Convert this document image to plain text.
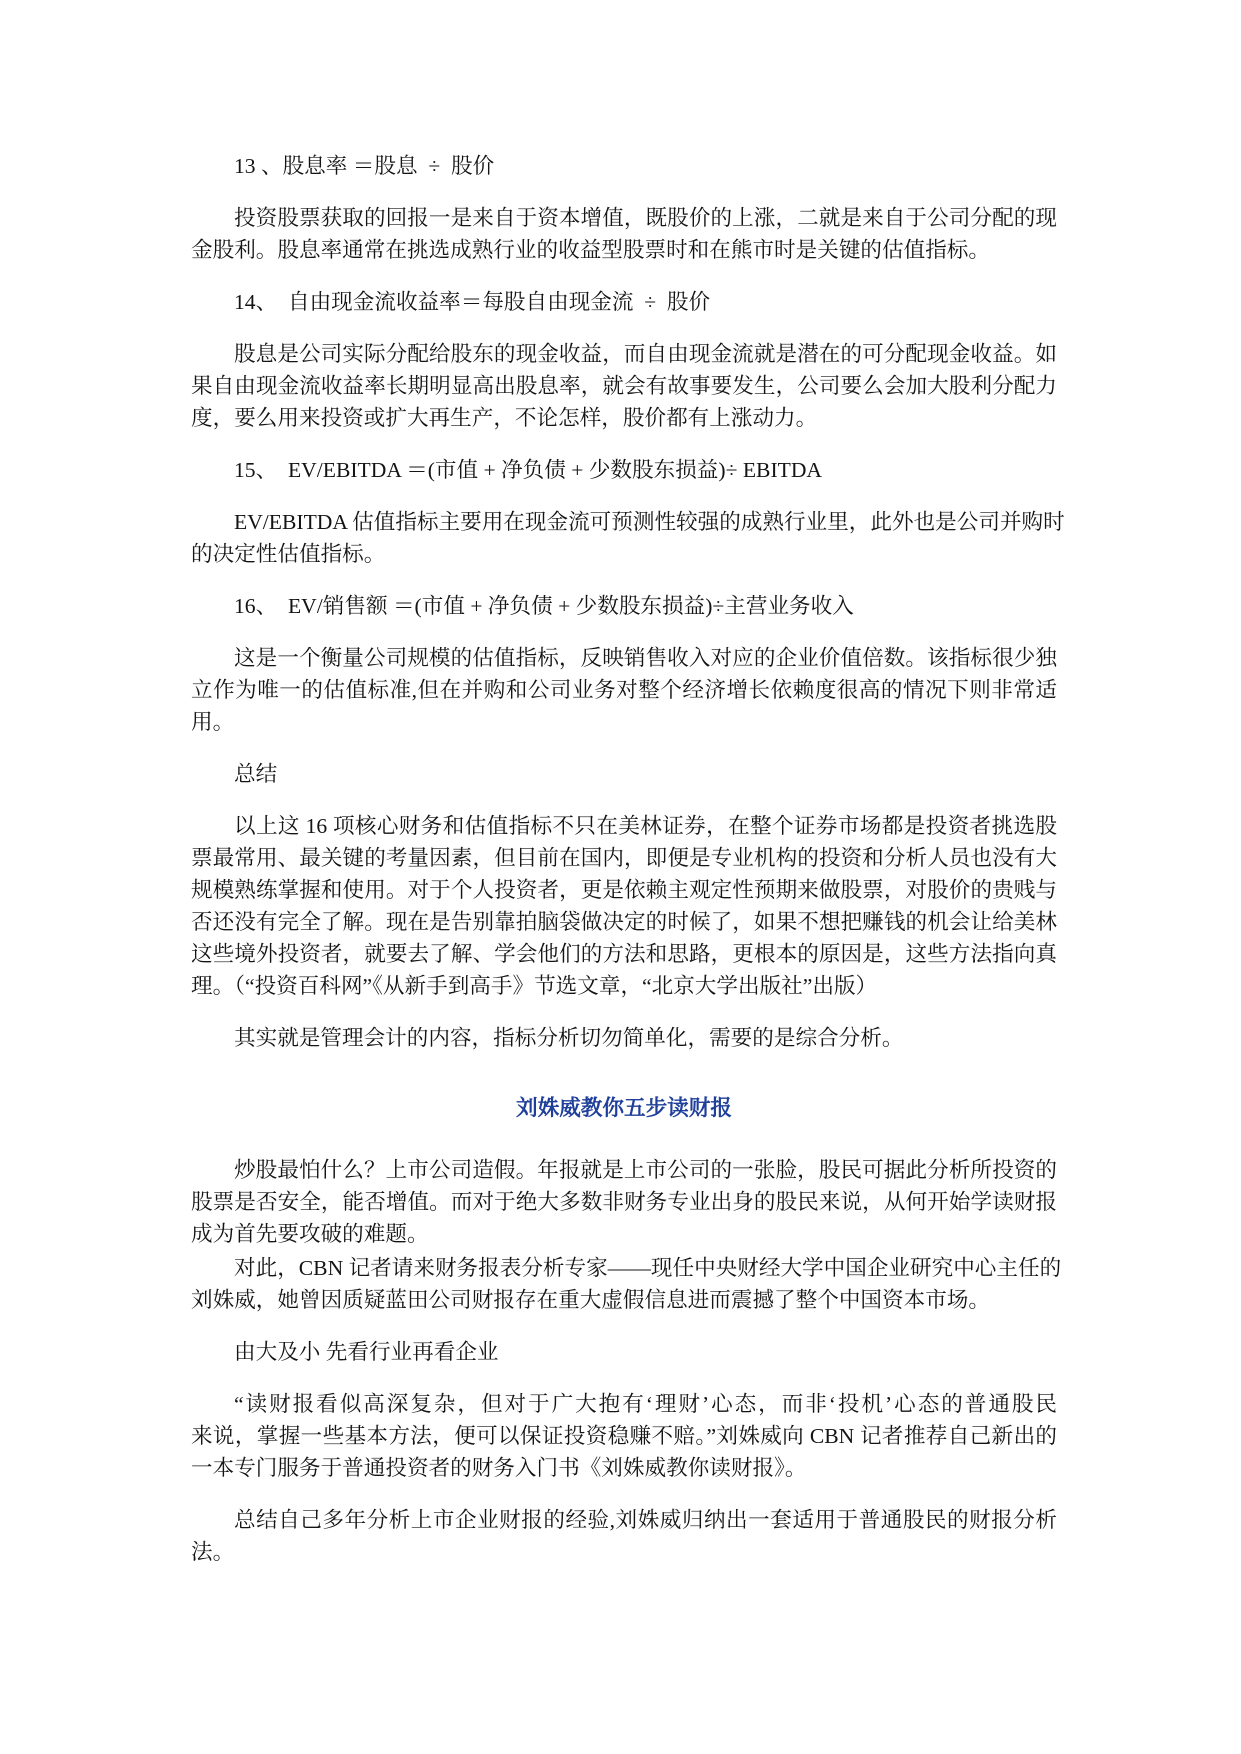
13 、股息率 ＝股息  ÷  股价
投资股票获取的回报一是来自于资本增值，既股价的上涨，二就是来自于公司分配的现
金股利。股息率通常在挑选成熟行业的收益型股票时和在熊市时是关键的估值指标。
14、  自由现金流收益率＝每股自由现金流  ÷  股价
股息是公司实际分配给股东的现金收益，而自由现金流就是潜在的可分配现金收益。如
果自由现金流收益率长期明显高出股息率，就会有故事要发生，公司要么会加大股利分配力
度，要么用来投资或扩大再生产，不论怎样，股价都有上涨动力。
15、  EV/EBITDA ＝(市值 + 净负债 + 少数股东损益)÷ EBITDA
EV/EBITDA 估值指标主要用在现金流可预测性较强的成熟行业里，此外也是公司并购时
的决定性估值指标。
16、  EV/销售额 ＝(市值 + 净负债 + 少数股东损益)÷主营业务收入
这是一个衡量公司规模的估值指标，反映销售收入对应的企业价值倍数。该指标很少独
立作为唯一的估值标准,但在并购和公司业务对整个经济增长依赖度很高的情况下则非常适
用。
总结
以上这 16 项核心财务和估值指标不只在美林证券，在整个证券市场都是投资者挑选股
票最常用、最关键的考量因素，但目前在国内，即便是专业机构的投资和分析人员也没有大
规模熟练掌握和使用。对于个人投资者，更是依赖主观定性预期来做股票，对股价的贵贱与
否还没有完全了解。现在是告别靠拍脑袋做决定的时候了，如果不想把赚钱的机会让给美林
这些境外投资者，就要去了解、学会他们的方法和思路，更根本的原因是，这些方法指向真
理。（“投资百科网”《从新手到高手》节选文章，“北京大学出版社”出版）
其实就是管理会计的内容，指标分析切勿简单化，需要的是综合分析。
刘姝威教你五步读财报
炒股最怕什么？上市公司造假。年报就是上市公司的一张脸，股民可据此分析所投资的
股票是否安全，能否增值。而对于绝大多数非财务专业出身的股民来说，从何开始学读财报
成为首先要攻破的难题。
对此，CBN 记者请来财务报表分析专家——现任中央财经大学中国企业研究中心主任的
刘姝威，她曾因质疑蓝田公司财报存在重大虚假信息进而震撼了整个中国资本市场。
由大及小 先看行业再看企业
“读财报看似高深复杂，但对于广大抱有‘理财’心态，而非‘投机’心态的普通股民
来说，掌握一些基本方法，便可以保证投资稳赚不赔。”刘姝威向 CBN 记者推荐自己新出的
一本专门服务于普通投资者的财务入门书《刘姝威教你读财报》。
总结自己多年分析上市企业财报的经验,刘姝威归纳出一套适用于普通股民的财报分析
法。
